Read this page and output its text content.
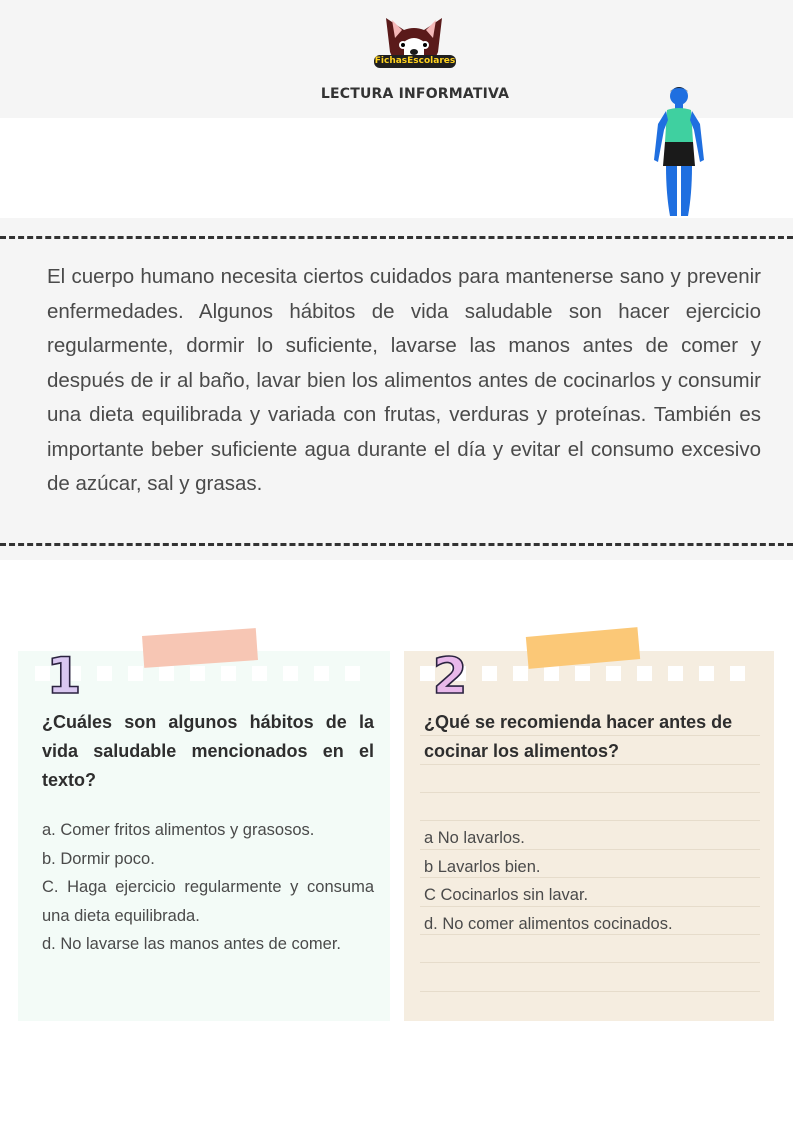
FichasEscolares
LECTURA INFORMATIVA

El cuerpo humano necesita ciertos cuidados para mantenerse sano y prevenir enfermedades. Algunos hábitos de vida saludable son hacer ejercicio regularmente, dormir lo suficiente, lavarse las manos antes de comer y después de ir al baño, lavar bien los alimentos antes de cocinarlos y consumir una dieta equilibrada y variada con frutas, verduras y proteínas. También es importante beber suficiente agua durante el día y evitar el consumo excesivo de azúcar, sal y grasas.

1

¿Cuáles son algunos hábitos de la vida saludable mencionados en el texto?

a. Comer fritos alimentos y grasosos.
b. Dormir poco.
C. Haga ejercicio regularmente y consuma una dieta equilibrada.
d. No lavarse las manos antes de comer.
2

¿Qué se recomienda hacer antes de cocinar los alimentos?

a No lavarlos.
b Lavarlos bien.
C Cocinarlos sin lavar.
d. No comer alimentos cocinados.
